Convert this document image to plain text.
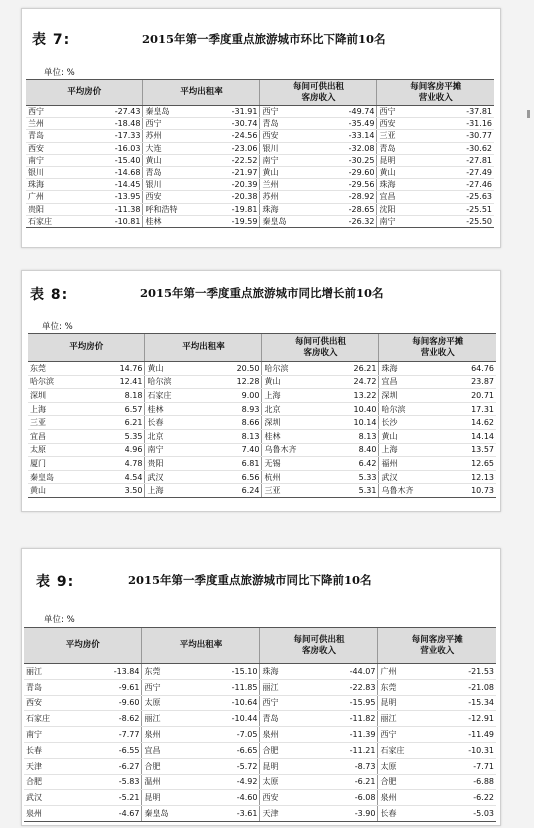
表 7:	2015年第一季度重点旅游城市环比下降前10名
单位: %
平均房价		平均出租率		每间可供出租
客房收入		每间客房平摊
营业收入	
西宁	-27.43	秦皇岛	-31.91	西宁	-49.74	西宁	-37.81
兰州	-18.48	西宁	-30.74	青岛	-35.49	西安	-31.16
青岛	-17.33	苏州	-24.56	西安	-33.14	三亚	-30.77
西安	-16.03	大连	-23.06	银川	-32.08	青岛	-30.62
南宁	-15.40	黄山	-22.52	南宁	-30.25	昆明	-27.81
银川	-14.68	青岛	-21.97	黄山	-29.60	黄山	-27.49
珠海	-14.45	银川	-20.39	兰州	-29.56	珠海	-27.46
广州	-13.95	西安	-20.38	苏州	-28.92	宜昌	-25.63
贵阳	-11.38	呼和浩特	-19.81	珠海	-28.65	沈阳	-25.51
石家庄	-10.81	桂林	-19.59	秦皇岛	-26.32	南宁	-25.50
表 8:	2015年第一季度重点旅游城市同比增长前10名
单位: %
平均房价		平均出租率		每间可供出租
客房收入		每间客房平摊
营业收入	
东莞	14.76	黄山	20.50	哈尔滨	26.21	珠海	64.76
哈尔滨	12.41	哈尔滨	12.28	黄山	24.72	宜昌	23.87
深圳	8.18	石家庄	9.00	上海	13.22	深圳	20.71
上海	6.57	桂林	8.93	北京	10.40	哈尔滨	17.31
三亚	6.21	长春	8.66	深圳	10.14	长沙	14.62
宜昌	5.35	北京	8.13	桂林	8.13	黄山	14.14
太原	4.96	南宁	7.40	乌鲁木齐	8.40	上海	13.57
厦门	4.78	贵阳	6.81	无锡	6.42	福州	12.65
秦皇岛	4.54	武汉	6.56	杭州	5.33	武汉	12.13
黄山	3.50	上海	6.24	三亚	5.31	乌鲁木齐	10.73
表 9:	2015年第一季度重点旅游城市同比下降前10名
单位: %
平均房价		平均出租率		每间可供出租
客房收入		每间客房平摊
营业收入	
丽江	-13.84	东莞	-15.10	珠海	-44.07	广州	-21.53
青岛	-9.61	西宁	-11.85	丽江	-22.83	东莞	-21.08
西安	-9.60	太原	-10.64	西宁	-15.95	昆明	-15.34
石家庄	-8.62	丽江	-10.44	青岛	-11.82	丽江	-12.91
南宁	-7.77	泉州	-7.05	泉州	-11.39	西宁	-11.49
长春	-6.55	宜昌	-6.65	合肥	-11.21	石家庄	-10.31
天津	-6.27	合肥	-5.72	昆明	-8.73	太原	-7.71
合肥	-5.83	温州	-4.92	太原	-6.21	合肥	-6.88
武汉	-5.21	昆明	-4.60	西安	-6.08	泉州	-6.22
泉州	-4.67	秦皇岛	-3.61	天津	-3.90	长春	-5.03
